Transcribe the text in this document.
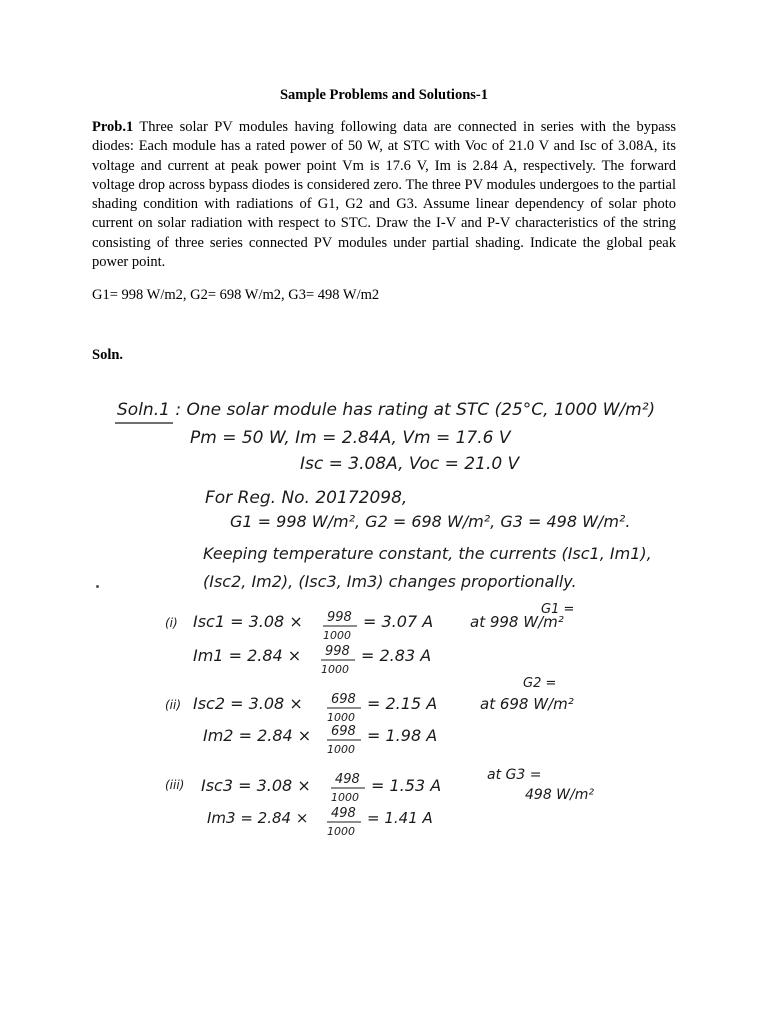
Sample Problems and Solutions-1
Prob.1 Three solar PV modules having following data are connected in series with the bypass diodes: Each module has a rated power of 50 W, at STC with Voc of 21.0 V and Isc of 3.08A, its voltage and current at peak power point Vm is 17.6 V, Im is 2.84 A, respectively. The forward voltage drop across bypass diodes is considered zero. The three PV modules undergoes to the partial shading condition with radiations of G1, G2 and G3. Assume linear dependency of solar photo current on solar radiation with respect to STC. Draw the I-V and P-V characteristics of the string consisting of three series connected PV modules under partial shading. Indicate the global peak power point.
G1= 998 W/m2, G2= 698 W/m2, G3= 498 W/m2
Soln.
Soln.1 : One solar module has rating at STC (25°C, 1000 W/m²)
Pm = 50 W, Im = 2.84A, Vm = 17.6 V
Isc = 3.08A, Voc = 21.0 V
For Reg. No. 20172098,
G1 = 998 W/m², G2 = 698 W/m², G3 = 498 W/m².
Keeping temperature constant, the currents (Isc1, Im1),
(Isc2, Im2), (Isc3, Im3) changes proportionally.
(i) Isc1 = 3.08 × 998
1000
= 3.07 A
G1 =
at 998 W/m²
Im1 = 2.84 × 998
1000
= 2.83 A
(ii) Isc2 = 3.08 × 698
1000
= 2.15 A
G2 =
at 698 W/m²
Im2 = 2.84 × 698
1000
= 1.98 A
(iii) Isc3 = 3.08 × 498
1000
= 1.53 A
at G3 =
498 W/m²
Im3 = 2.84 × 498
1000
= 1.41 A
